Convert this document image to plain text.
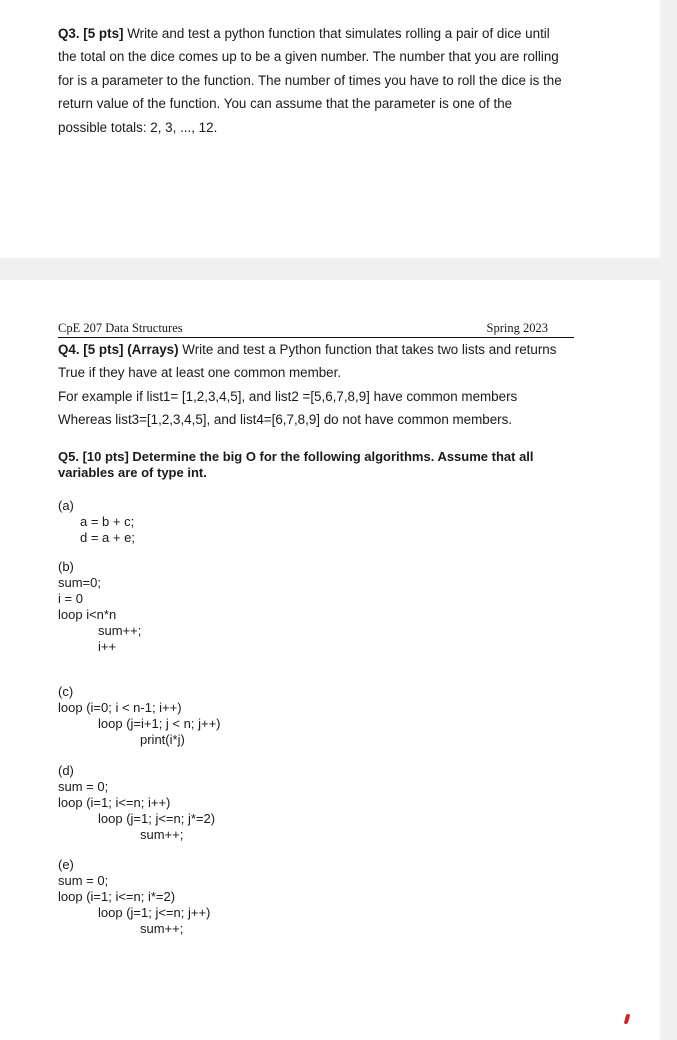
Q3. [5 pts] Write and test a python function that simulates rolling a pair of dice until
the total on the dice comes up to be a given number. The number that you are rolling
for is a parameter to the function. The number of times you have to roll the dice is the
return value of the function. You can assume that the parameter is one of the
possible totals: 2, 3, ..., 12.
CpE 207 Data Structures	Spring 2023
Q4. [5 pts] (Arrays) Write and test a Python function that takes two lists and returns
True if they have at least one common member.
For example if list1= [1,2,3,4,5], and list2 =[5,6,7,8,9] have common members
Whereas list3=[1,2,3,4,5], and list4=[6,7,8,9] do not have common members.
Q5. [10 pts] Determine the big O for the following algorithms. Assume that all
variables are of type int.
(a)
a = b + c;
d = a + e;
(b)
sum=0;
i = 0
loop i<n*n
sum++;
i++
(c)
loop (i=0; i < n-1; i++)
loop (j=i+1; j < n; j++)
print(i*j)
(d)
sum = 0;
loop (i=1; i<=n; i++)
loop (j=1; j<=n; j*=2)
sum++;
(e)
sum = 0;
loop (i=1; i<=n; i*=2)
loop (j=1; j<=n; j++)
sum++;
